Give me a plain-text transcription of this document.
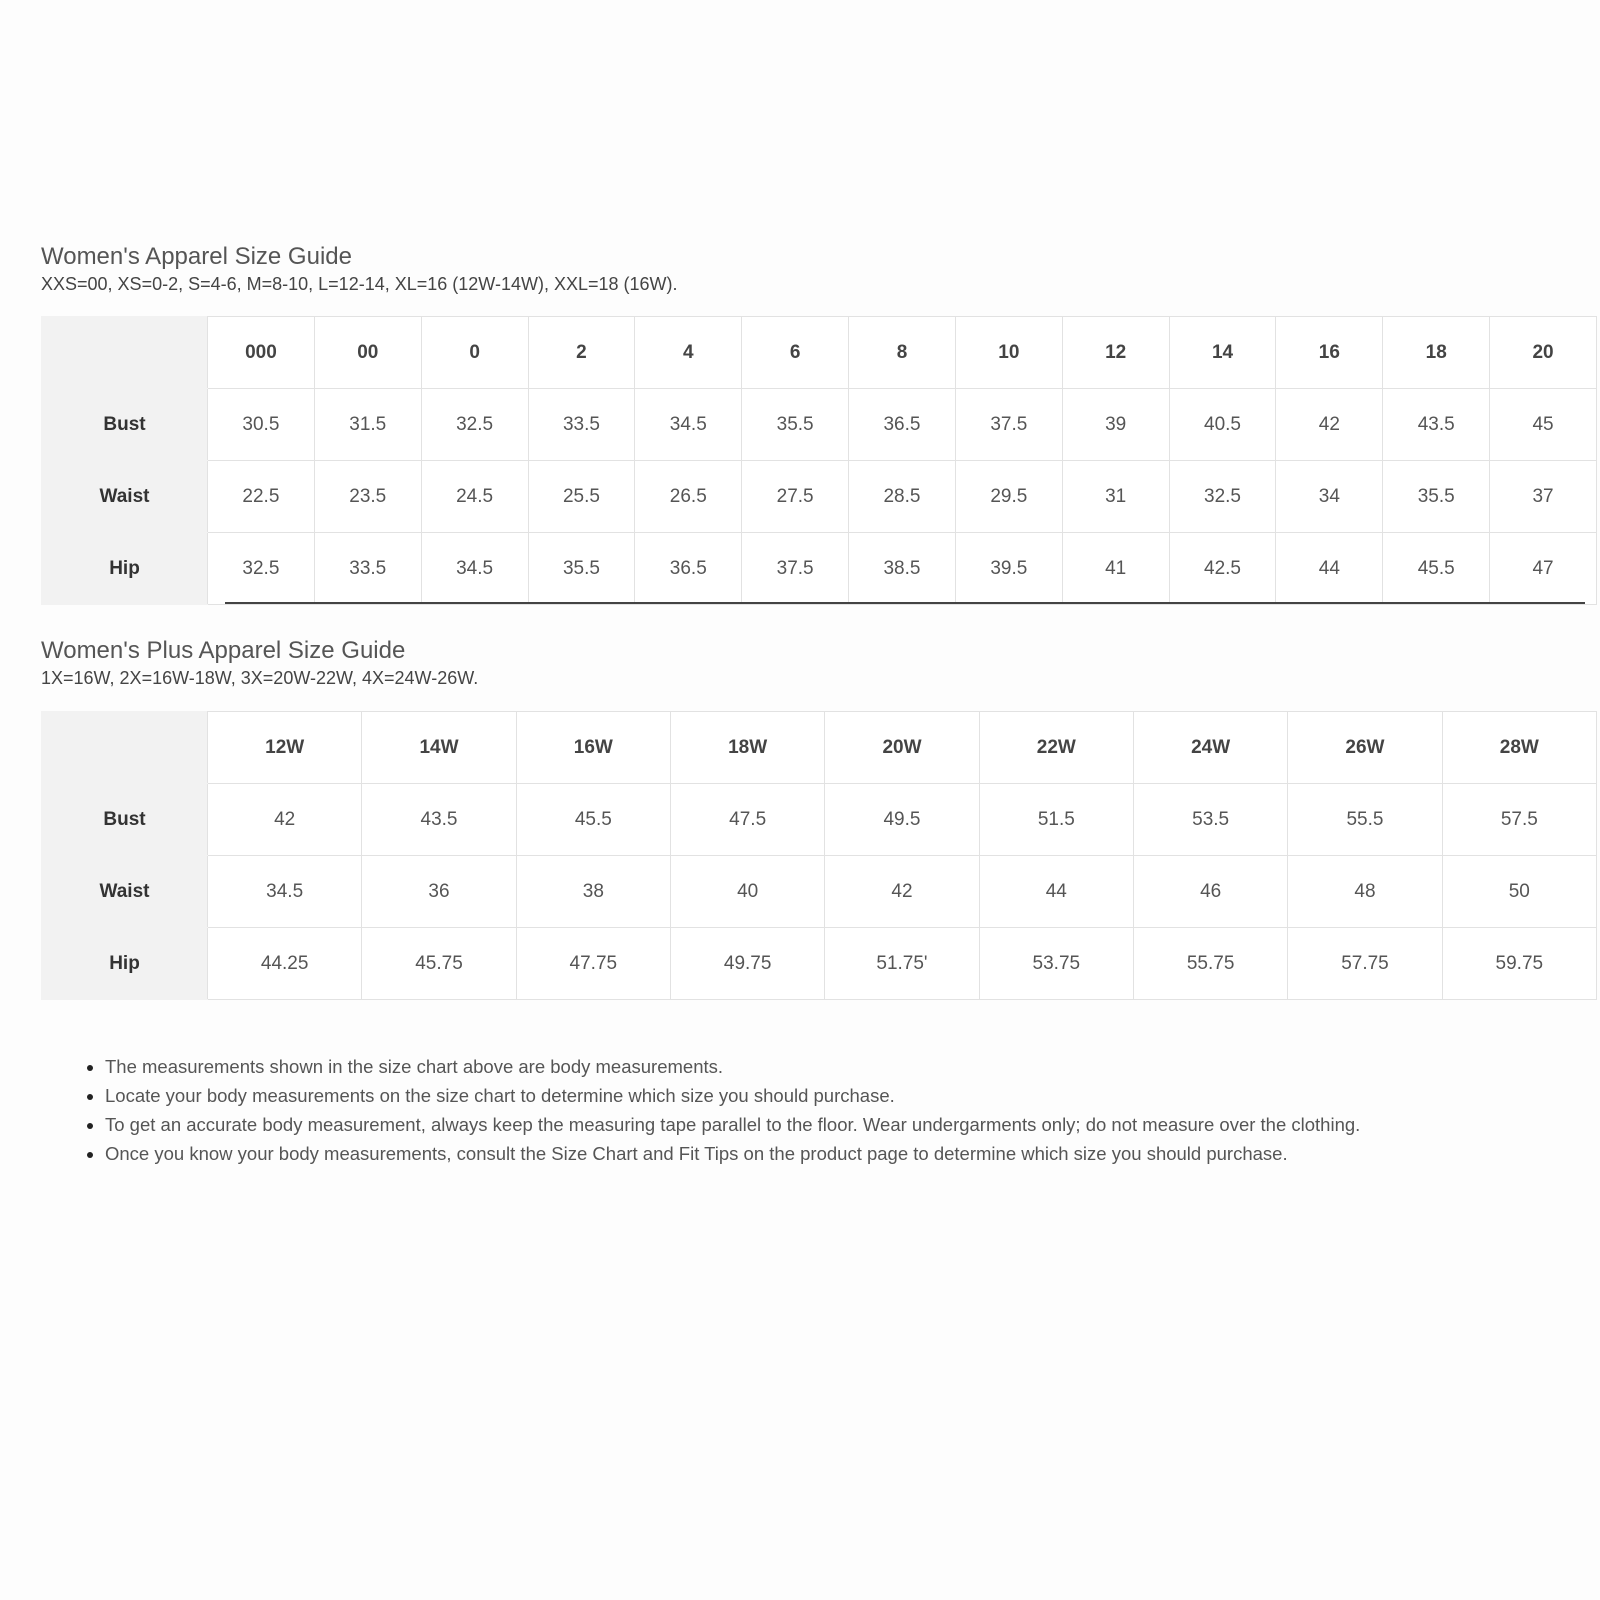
Women's Apparel Size Guide

XXS=00, XS=0-2, S=4-6, M=8-10, L=12-14, XL=16 (12W-14W), XXL=18 (16W).

	000	00	0	2	4	6	8	10	12	14	16	18	20
Bust	30.5	31.5	32.5	33.5	34.5	35.5	36.5	37.5	39	40.5	42	43.5	45
Waist	22.5	23.5	24.5	25.5	26.5	27.5	28.5	29.5	31	32.5	34	35.5	37
Hip	32.5	33.5	34.5	35.5	36.5	37.5	38.5	39.5	41	42.5	44	45.5	47
Women's Plus Apparel Size Guide

1X=16W, 2X=16W-18W, 3X=20W-22W, 4X=24W-26W.

	12W	14W	16W	18W	20W	22W	24W	26W	28W
Bust	42	43.5	45.5	47.5	49.5	51.5	53.5	55.5	57.5
Waist	34.5	36	38	40	42	44	46	48	50
Hip	44.25	45.75	47.75	49.75	51.75'	53.75	55.75	57.75	59.75
• The measurements shown in the size chart above are body measurements.
• Locate your body measurements on the size chart to determine which size you should purchase.
• To get an accurate body measurement, always keep the measuring tape parallel to the floor. Wear undergarments only; do not measure over the clothing.
• Once you know your body measurements, consult the Size Chart and Fit Tips on the product page to determine which size you should purchase.
